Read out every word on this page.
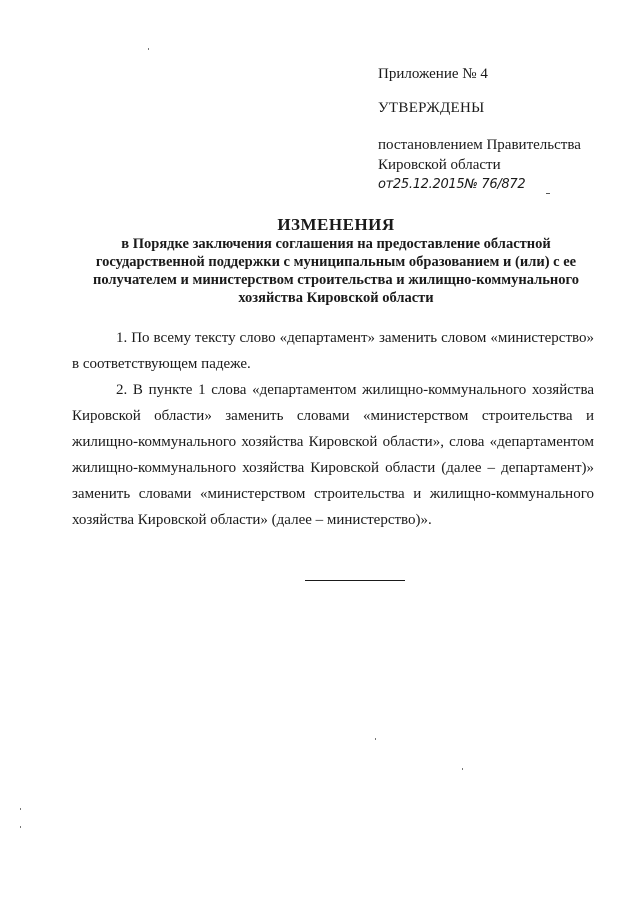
Приложение № 4
УТВЕРЖДЕНЫ
постановлением Правительства
Кировской области
от25.12.2015№ 76/872
ИЗМЕНЕНИЯ
в Порядке заключения соглашения на предоставление областной государственной поддержки с муниципальным образованием и (или) с ее получателем и министерством строительства и жилищно-коммунального хозяйства Кировской области

1. По всему тексту слово «департамент» заменить словом «министерство» в соответствующем падеже.

2. В пункте 1 слова «департаментом жилищно-коммунального хозяйства Кировской области» заменить словами «министерством строительства и жилищно-коммунального хозяйства Кировской области», слова «департаментом жилищно-коммунального хозяйства Кировской области (далее – департамент)» заменить словами «министерством строительства и жилищно-коммунального хозяйства Кировской области» (далее – министерство)».
